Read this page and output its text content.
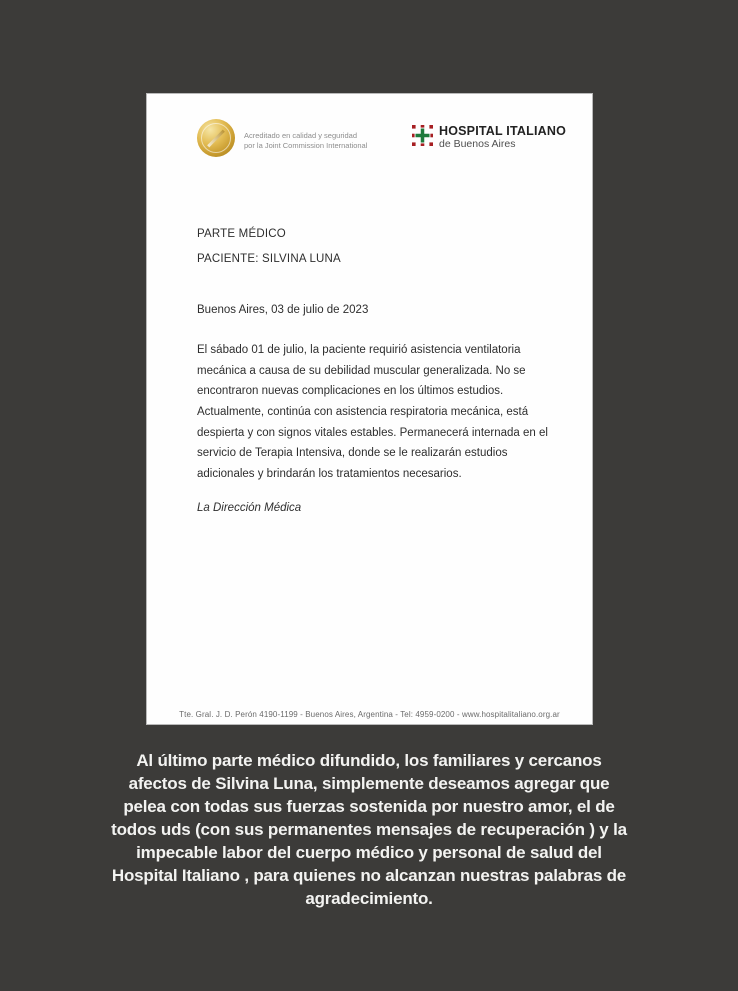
Acreditado en calidad y seguridad
por la Joint Commission International
HOSPITAL ITALIANO
de Buenos Aires
PARTE MÉDICO
PACIENTE: SILVINA LUNA
Buenos Aires, 03 de julio de 2023
El sábado 01 de julio, la paciente requirió asistencia ventilatoria mecánica a causa de su debilidad muscular generalizada. No se encontraron nuevas complicaciones en los últimos estudios.
Actualmente, continúa con asistencia respiratoria mecánica, está despierta y con signos vitales estables. Permanecerá internada en el servicio de Terapia Intensiva, donde se le realizarán estudios adicionales y brindarán los tratamientos necesarios.
La Dirección Médica
Tte. Gral. J. D. Perón 4190-1199 - Buenos Aires, Argentina - Tel: 4959-0200 - www.hospitalitaliano.org.ar
Al último parte médico difundido, los familiares y cercanos
afectos de Silvina Luna, simplemente deseamos agregar que
pelea con todas sus fuerzas sostenida por nuestro amor, el de
todos uds (con sus permanentes mensajes de recuperación ) y la
impecable labor del cuerpo médico y personal de salud del
Hospital Italiano , para quienes no alcanzan nuestras palabras de
agradecimiento.
